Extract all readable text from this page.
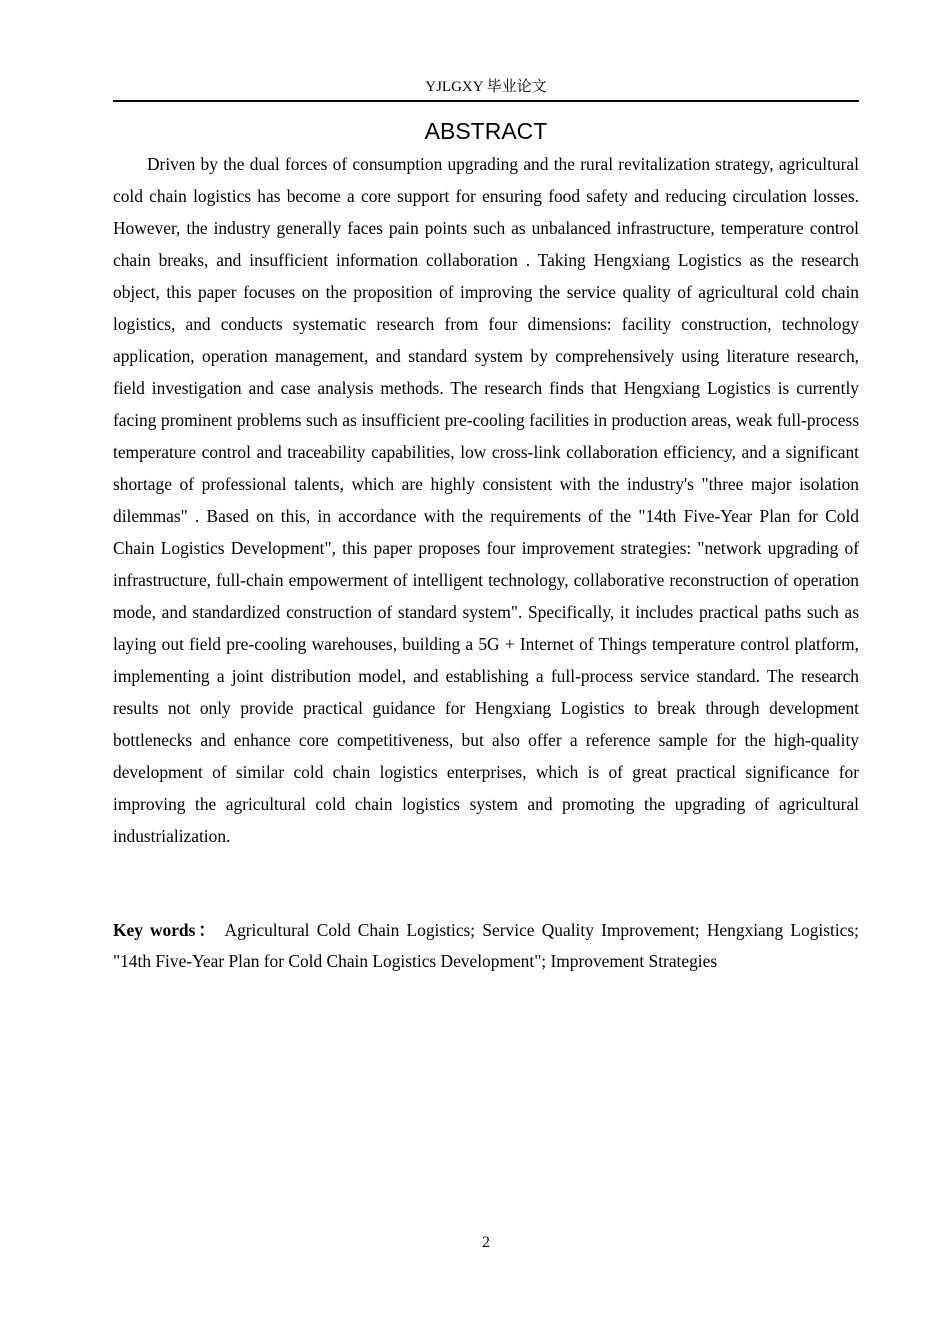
YJLGXY 毕业论文
ABSTRACT

Driven by the dual forces of consumption upgrading and the rural revitalization strategy, agricultural cold chain logistics has become a core support for ensuring food safety and reducing circulation losses. However, the industry generally faces pain points such as unbalanced infrastructure, temperature control chain breaks, and insufficient information collaboration . Taking Hengxiang Logistics as the research object, this paper focuses on the proposition of improving the service quality of agricultural cold chain logistics, and conducts systematic research from four dimensions: facility construction, technology application, operation management, and standard system by comprehensively using literature research, field investigation and case analysis methods. The research finds that Hengxiang Logistics is currently facing prominent problems such as insufficient pre-cooling facilities in production areas, weak full-process temperature control and traceability capabilities, low cross-link collaboration efficiency, and a significant shortage of professional talents, which are highly consistent with the industry's "three major isolation dilemmas" . Based on this, in accordance with the requirements of the "14th Five-Year Plan for Cold Chain Logistics Development", this paper proposes four improvement strategies: "network upgrading of infrastructure, full-chain empowerment of intelligent technology, collaborative reconstruction of operation mode, and standardized construction of standard system". Specifically, it includes practical paths such as laying out field pre-cooling warehouses, building a 5G + Internet of Things temperature control platform, implementing a joint distribution model, and establishing a full-process service standard. The research results not only provide practical guidance for Hengxiang Logistics to break through development bottlenecks and enhance core competitiveness, but also offer a reference sample for the high-quality development of similar cold chain logistics enterprises, which is of great practical significance for improving the agricultural cold chain logistics system and promoting the upgrading of agricultural industrialization.

Key words： Agricultural Cold Chain Logistics; Service Quality Improvement; Hengxiang Logistics; "14th Five-Year Plan for Cold Chain Logistics Development"; Improvement Strategies

2
